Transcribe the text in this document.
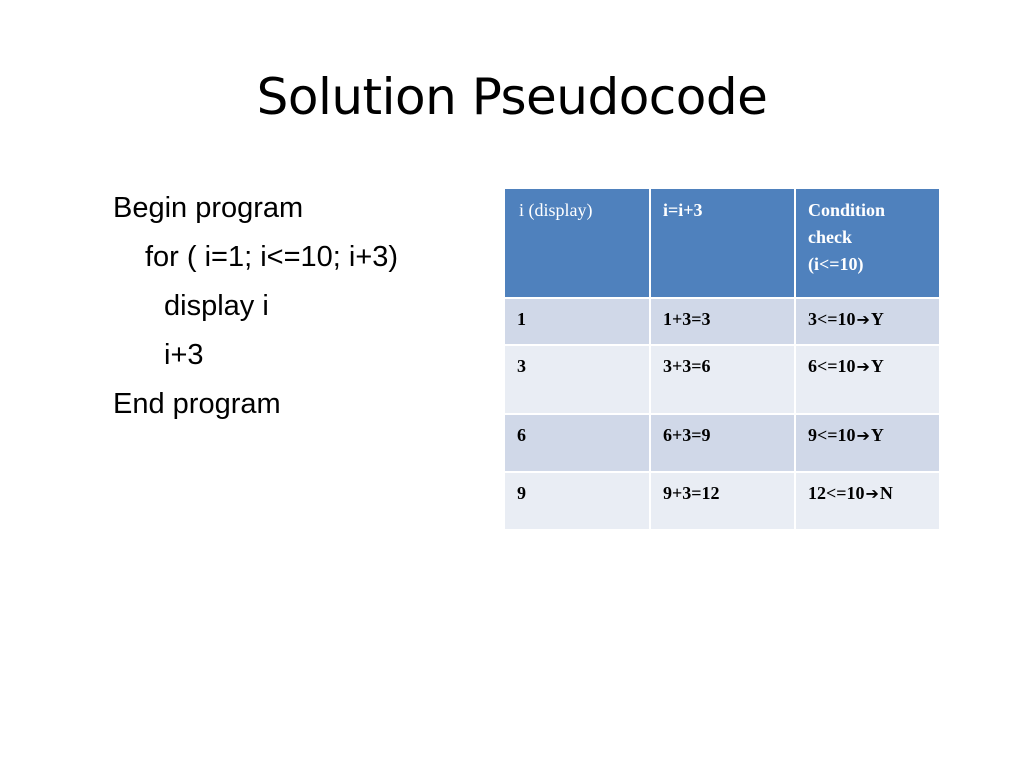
Solution Pseudocode
Begin program
for ( i=1; i<=10; i+3)
display i
i+3
End program
i (display)	i=i+3	Condition
check
(i<=10)

1	1+3=3	3<=10➔Y
3	3+3=6	6<=10➔Y
6	6+3=9	9<=10➔Y
9	9+3=12	12<=10➔N
